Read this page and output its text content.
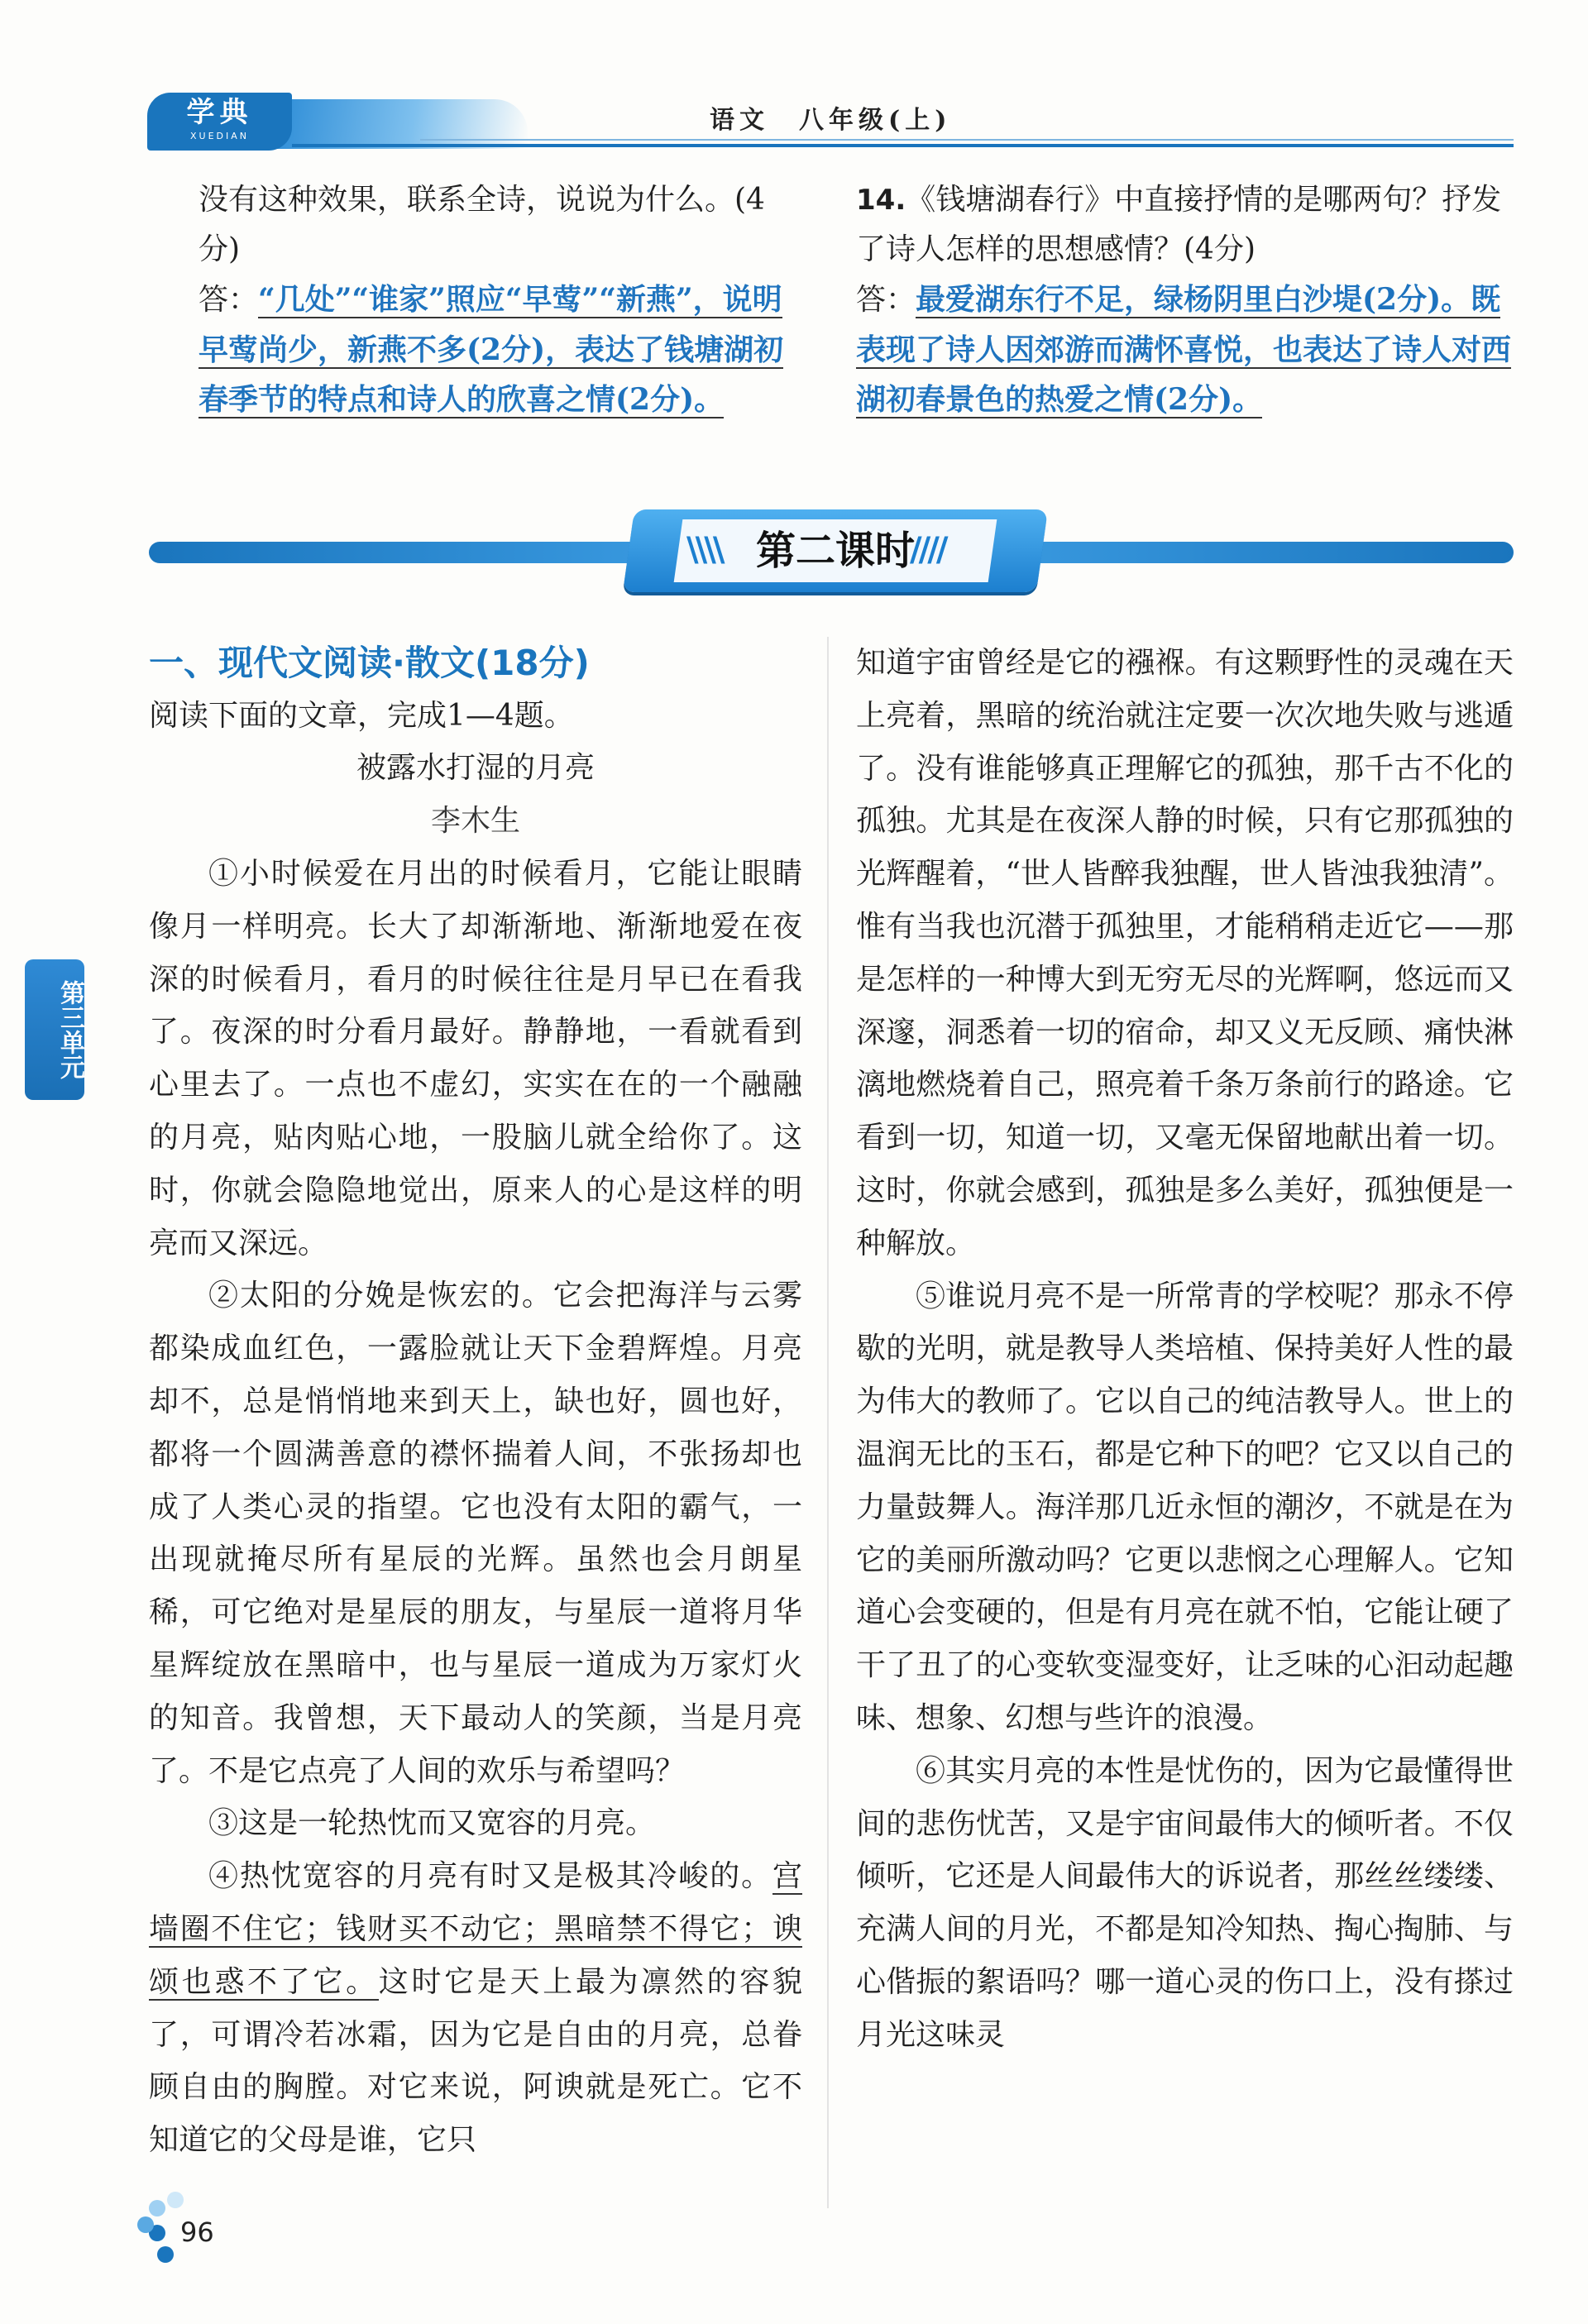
学典
XUEDIAN
语文 八年级(上)
没有这种效果，联系全诗，说说为什么。(4分)
答：“几处”“谁家”照应“早莺”“新燕”，说明早莺尚少，新燕不多(2分)，表达了钱塘湖初春季节的特点和诗人的欣喜之情(2分)。
14.《钱塘湖春行》中直接抒情的是哪两句？抒发了诗人怎样的思想感情？(4分)
答：最爱湖东行不足，绿杨阴里白沙堤(2分)。既表现了诗人因郊游而满怀喜悦，也表达了诗人对西湖初春景色的热爱之情(2分)。
\\\\	////
第二课时
一、现代文阅读·散文(18分)
阅读下面的文章，完成1—4题。
被露水打湿的月亮
李木生

①小时候爱在月出的时候看月，它能让眼睛像月一样明亮。长大了却渐渐地、渐渐地爱在夜深的时候看月，看月的时候往往是月早已在看我了。夜深的时分看月最好。静静地，一看就看到心里去了。一点也不虚幻，实实在在的一个融融的月亮，贴肉贴心地，一股脑儿就全给你了。这时，你就会隐隐地觉出，原来人的心是这样的明亮而又深远。

②太阳的分娩是恢宏的。它会把海洋与云雾都染成血红色，一露脸就让天下金碧辉煌。月亮却不，总是悄悄地来到天上，缺也好，圆也好，都将一个圆满善意的襟怀揣着人间，不张扬却也成了人类心灵的指望。它也没有太阳的霸气，一出现就掩尽所有星辰的光辉。虽然也会月朗星稀，可它绝对是星辰的朋友，与星辰一道将月华星辉绽放在黑暗中，也与星辰一道成为万家灯火的知音。我曾想，天下最动人的笑颜，当是月亮了。不是它点亮了人间的欢乐与希望吗？

③这是一轮热忱而又宽容的月亮。

④热忱宽容的月亮有时又是极其冷峻的。宫墙圈不住它；钱财买不动它；黑暗禁不得它；谀颂也惑不了它。这时它是天上最为凛然的容貌了，可谓冷若冰霜，因为它是自由的月亮，总眷顾自由的胸膛。对它来说，阿谀就是死亡。它不知道它的父母是谁，它只

知道宇宙曾经是它的襁褓。有这颗野性的灵魂在天上亮着，黑暗的统治就注定要一次次地失败与逃遁了。没有谁能够真正理解它的孤独，那千古不化的孤独。尤其是在夜深人静的时候，只有它那孤独的光辉醒着，“世人皆醉我独醒，世人皆浊我独清”。惟有当我也沉潜于孤独里，才能稍稍走近它——那是怎样的一种博大到无穷无尽的光辉啊，悠远而又深邃，洞悉着一切的宿命，却又义无反顾、痛快淋漓地燃烧着自己，照亮着千条万条前行的路途。它看到一切，知道一切，又毫无保留地献出着一切。这时，你就会感到，孤独是多么美好，孤独便是一种解放。

⑤谁说月亮不是一所常青的学校呢？那永不停歇的光明，就是教导人类培植、保持美好人性的最为伟大的教师了。它以自己的纯洁教导人。世上的温润无比的玉石，都是它种下的吧？它又以自己的力量鼓舞人。海洋那几近永恒的潮汐，不就是在为它的美丽所激动吗？它更以悲悯之心理解人。它知道心会变硬的，但是有月亮在就不怕，它能让硬了干了丑了的心变软变湿变好，让乏味的心汩动起趣味、想象、幻想与些许的浪漫。

⑥其实月亮的本性是忧伤的，因为它最懂得世间的悲伤忧苦，又是宇宙间最伟大的倾听者。不仅倾听，它还是人间最伟大的诉说者，那丝丝缕缕、充满人间的月光，不都是知冷知热、掏心掏肺、与心偕振的絮语吗？哪一道心灵的伤口上，没有搽过月光这味灵

第三单元
96
